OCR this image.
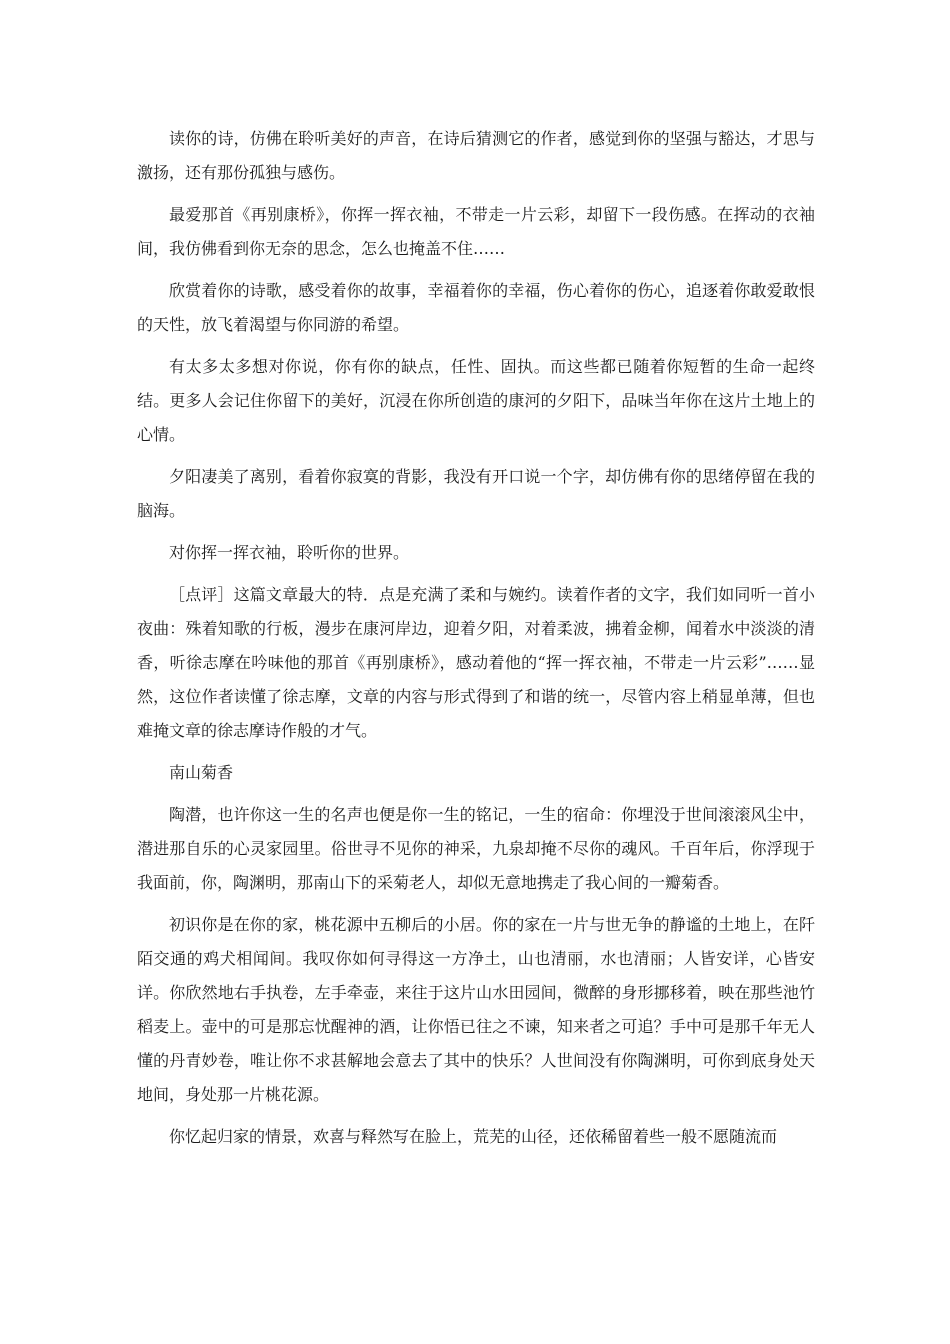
读你的诗，仿佛在聆听美好的声音，在诗后猜测它的作者，感觉到你的坚强与豁达，才思与激扬，还有那份孤独与感伤。

最爱那首《再别康桥》，你挥一挥衣袖，不带走一片云彩，却留下一段伤感。在挥动的衣袖间，我仿佛看到你无奈的思念，怎么也掩盖不住……

欣赏着你的诗歌，感受着你的故事，幸福着你的幸福，伤心着你的伤心，追逐着你敢爱敢恨的天性，放飞着渴望与你同游的希望。

有太多太多想对你说，你有你的缺点，任性、固执。而这些都已随着你短暂的生命一起终结。更多人会记住你留下的美好，沉浸在你所创造的康河的夕阳下，品味当年你在这片土地上的心情。

夕阳凄美了离别，看着你寂寞的背影，我没有开口说一个字，却仿佛有你的思绪停留在我的脑海。

对你挥一挥衣袖，聆听你的世界。

［点评］这篇文章最大的特．点是充满了柔和与婉约。读着作者的文字，我们如同听一首小夜曲：殊着知歌的行板，漫步在康河岸边，迎着夕阳，对着柔波，拂着金柳，闻着水中淡淡的清香，听徐志摩在吟味他的那首《再别康桥》，感动着他的“挥一挥衣袖，不带走一片云彩”……显然，这位作者读懂了徐志摩，文章的内容与形式得到了和谐的统一，尽管内容上稍显单薄，但也难掩文章的徐志摩诗作般的才气。

南山菊香

陶潜，也许你这一生的名声也便是你一生的铭记，一生的宿命：你埋没于世间滚滚风尘中，潜进那自乐的心灵家园里。俗世寻不见你的神采，九泉却掩不尽你的魂风。千百年后，你浮现于我面前，你，陶渊明，那南山下的采菊老人，却似无意地携走了我心间的一瓣菊香。

初识你是在你的家，桃花源中五柳后的小居。你的家在一片与世无争的静谧的土地上，在阡陌交通的鸡犬相闻间。我叹你如何寻得这一方净土，山也清丽，水也清丽；人皆安详，心皆安详。你欣然地右手执卷，左手牵壶，来往于这片山水田园间，微醉的身形挪移着，映在那些池竹稻麦上。壶中的可是那忘忧醒神的酒，让你悟已往之不谏，知来者之可追？手中可是那千年无人懂的丹青妙卷，唯让你不求甚解地会意去了其中的快乐？人世间没有你陶渊明，可你到底身处天地间，身处那一片桃花源。

你忆起归家的情景，欢喜与释然写在脸上，荒芜的山径，还依稀留着些一般不愿随流而
